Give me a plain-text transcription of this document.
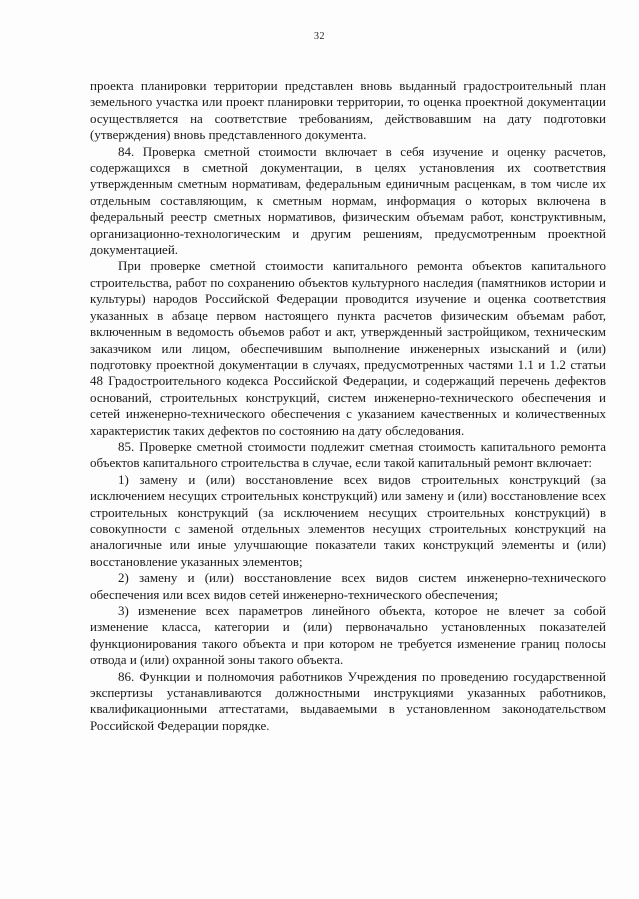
32

проекта планировки территории представлен вновь выданный градостроительный план земельного участка или проект планировки территории, то оценка проектной документации осуществляется на соответствие требованиям, действовавшим на дату подготовки (утверждения) вновь представленного документа.

84. Проверка сметной стоимости включает в себя изучение и оценку расчетов, содержащихся в сметной документации, в целях установления их соответствия утвержденным сметным нормативам, федеральным единичным расценкам, в том числе их отдельным составляющим, к сметным нормам, информация о которых включена в федеральный реестр сметных нормативов, физическим объемам работ, конструктивным, организационно-технологическим и другим решениям, предусмотренным проектной документацией.

При проверке сметной стоимости капитального ремонта объектов капитального строительства, работ по сохранению объектов культурного наследия (памятников истории и культуры) народов Российской Федерации проводится изучение и оценка соответствия указанных в абзаце первом настоящего пункта расчетов физическим объемам работ, включенным в ведомость объемов работ и акт, утвержденный застройщиком, техническим заказчиком или лицом, обеспечившим выполнение инженерных изысканий и (или) подготовку проектной документации в случаях, предусмотренных частями 1.1 и 1.2 статьи 48 Градостроительного кодекса Российской Федерации, и содержащий перечень дефектов оснований, строительных конструкций, систем инженерно-технического обеспечения и сетей инженерно-технического обеспечения с указанием качественных и количественных характеристик таких дефектов по состоянию на дату обследования.

85. Проверке сметной стоимости подлежит сметная стоимость капитального ремонта объектов капитального строительства в случае, если такой капитальный ремонт включает:

1) замену и (или) восстановление всех видов строительных конструкций (за исключением несущих строительных конструкций) или замену и (или) восстановление всех строительных конструкций (за исключением несущих строительных конструкций) в совокупности с заменой отдельных элементов несущих строительных конструкций на аналогичные или иные улучшающие показатели таких конструкций элементы и (или) восстановление указанных элементов;

2) замену и (или) восстановление всех видов систем инженерно-технического обеспечения или всех видов сетей инженерно-технического обеспечения;

3) изменение всех параметров линейного объекта, которое не влечет за собой изменение класса, категории и (или) первоначально установленных показателей функционирования такого объекта и при котором не требуется изменение границ полосы отвода и (или) охранной зоны такого объекта.

86. Функции и полномочия работников Учреждения по проведению государственной экспертизы устанавливаются должностными инструкциями указанных работников, квалификационными аттестатами, выдаваемыми в установленном законодательством Российской Федерации порядке.
